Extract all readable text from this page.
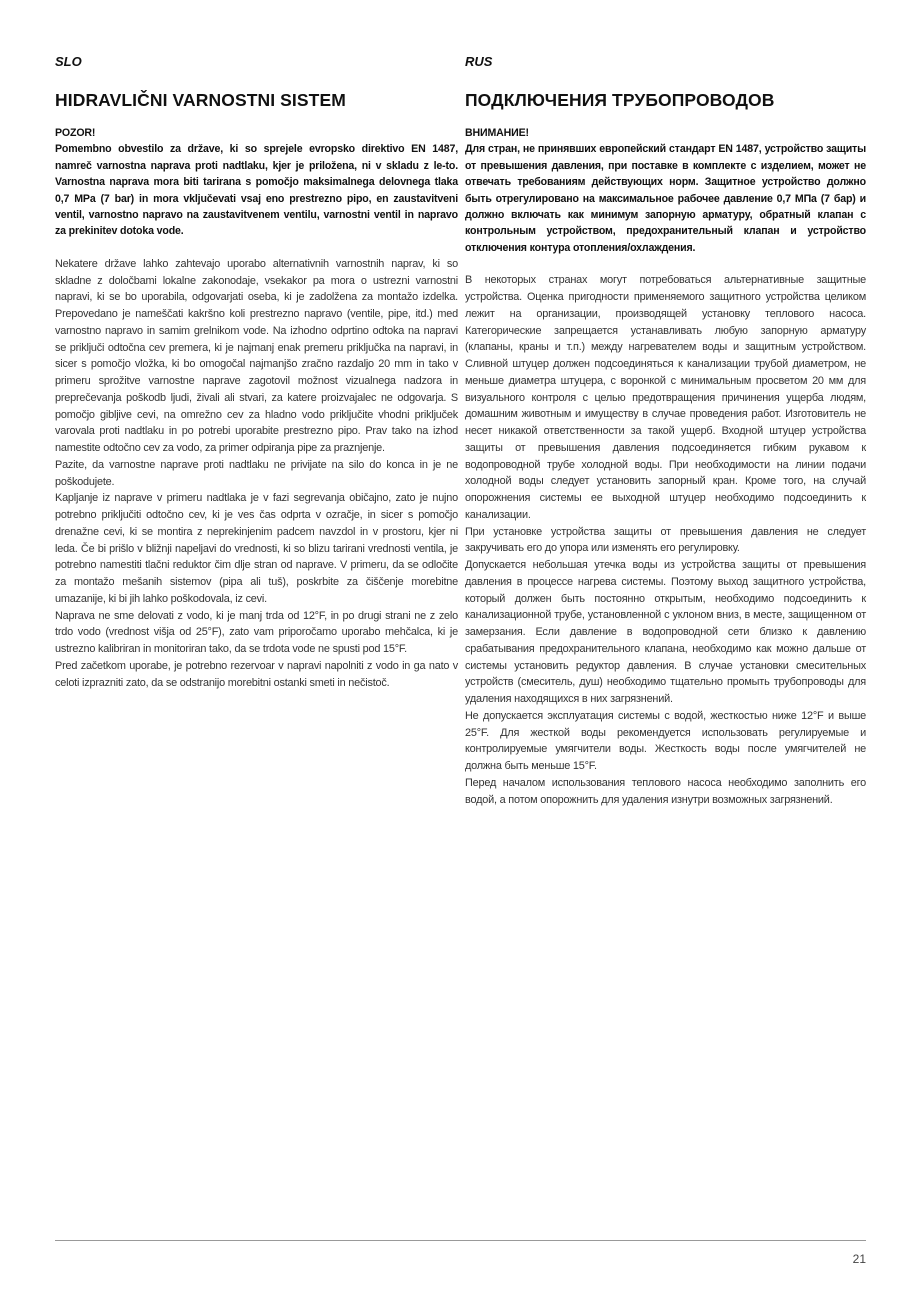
SLO
HIDRAVLIČNI VARNOSTNI SISTEM

POZOR!

Pomembno obvestilo za države, ki so sprejele evropsko direktivo EN 1487, namreč varnostna naprava proti nadtlaku, kjer je priložena, ni v skladu z le-to. Varnostna naprava mora biti tarirana s pomočjo maksimalnega delovnega tlaka 0,7 MPa (7 bar) in mora vključevati vsaj eno prestrezno pipo, en zaustavitveni ventil, varnostno napravo na zaustavitvenem ventilu, varnostni ventil in napravo za prekinitev dotoka vode.

Nekatere države lahko zahtevajo uporabo alternativnih varnostnih naprav, ki so skladne z določbami lokalne zakonodaje, vsekakor pa mora o ustrezni varnostni napravi, ki se bo uporabila, odgovarjati oseba, ki je zadolžena za montažo izdelka. Prepovedano je nameščati kakršno koli prestrezno napravo (ventile, pipe, itd.) med varnostno napravo in samim grelnikom vode. Na izhodno odprtino odtoka na napravi se priključi odtočna cev premera, ki je najmanj enak premeru priključka na napravi, in sicer s pomočjo vložka, ki bo omogočal najmanjšo zračno razdaljo 20 mm in tako v primeru sprožitve varnostne naprave zagotovil možnost vizualnega nadzora in preprečevanja poškodb ljudi, živali ali stvari, za katere proizvajalec ne odgovarja. S pomočjo gibljive cevi, na omrežno cev za hladno vodo priključite vhodni priključek varovala proti nadtlaku in po potrebi uporabite prestrezno pipo. Prav tako na izhod namestite odtočno cev za vodo, za primer odpiranja pipe za praznjenje.

Pazite, da varnostne naprave proti nadtlaku ne privijate na silo do konca in je ne poškodujete.

Kapljanje iz naprave v primeru nadtlaka je v fazi segrevanja običajno, zato je nujno potrebno priključiti odtočno cev, ki je ves čas odprta v ozračje, in sicer s pomočjo drenažne cevi, ki se montira z neprekinjenim padcem navzdol in v prostoru, kjer ni leda. Če bi prišlo v bližnji napeljavi do vrednosti, ki so blizu tarirani vrednosti ventila, je potrebno namestiti tlačni reduktor čim dlje stran od naprave. V primeru, da se odločite za montažo mešanih sistemov (pipa ali tuš), poskrbite za čiščenje morebitne umazanije, ki bi jih lahko poškodovala, iz cevi.

Naprava ne sme delovati z vodo, ki je manj trda od 12°F, in po drugi strani ne z zelo trdo vodo (vrednost višja od 25°F), zato vam priporočamo uporabo mehčalca, ki je ustrezno kalibriran in monitoriran tako, da se trdota vode ne spusti pod 15°F.

Pred začetkom uporabe, je potrebno rezervoar v napravi napolniti z vodo in ga nato v celoti izprazniti zato, da se odstranijo morebitni ostanki smeti in nečistoč.

RUS
ПОДКЛЮЧЕНИЯ ТРУБОПРОВОДОВ

ВНИМАНИЕ!

Для стран, не принявших европейский стандарт EN 1487, устройство защиты от превышения давления, при поставке в комплекте с изделием, может не отвечать требованиям действующих норм. Защитное устройство должно быть отрегулировано на максимальное рабочее давление 0,7 МПа (7 бар) и должно включать как минимум запорную арматуру, обратный клапан с контрольным устройством, предохранительный клапан и устройство отключения контура отопления/охлаждения.

В некоторых странах могут потребоваться альтернативные защитные устройства. Оценка пригодности применяемого защитного устройства целиком лежит на организации, производящей установку теплового насоса. Категорические запрещается устанавливать любую запорную арматуру (клапаны, краны и т.п.) между нагревателем воды и защитным устройством. Сливной штуцер должен подсоединяться к канализации трубой диаметром, не меньше диаметра штуцера, с воронкой с минимальным просветом 20 мм для визуального контроля с целью предотвращения причинения ущерба людям, домашним животным и имуществу в случае проведения работ. Изготовитель не несет никакой ответственности за такой ущерб. Входной штуцер устройства защиты от превышения давления подсоединяется гибким рукавом к водопроводной трубе холодной воды. При необходимости на линии подачи холодной воды следует установить запорный кран. Кроме того, на случай опорожнения системы ее выходной штуцер необходимо подсоединить к канализации.

При установке устройства защиты от превышения давления не следует закручивать его до упора или изменять его регулировку.

Допускается небольшая утечка воды из устройства защиты от превышения давления в процессе нагрева системы. Поэтому выход защитного устройства, который должен быть постоянно открытым, необходимо подсоединить к канализационной трубе, установленной с уклоном вниз, в месте, защищенном от замерзания. Если давление в водопроводной сети близко к давлению срабатывания предохранительного клапана, необходимо как можно дальше от системы установить редуктор давления. В случае установки смесительных устройств (смеситель, душ) необходимо тщательно промыть трубопроводы для удаления находящихся в них загрязнений.

Не допускается эксплуатация системы с водой, жесткостью ниже 12°F и выше 25°F. Для жесткой воды рекомендуется использовать регулируемые и контролируемые умягчители воды. Жесткость воды после умягчителей не должна быть меньше 15°F.

Перед началом использования теплового насоса необходимо заполнить его водой, а потом опорожнить для удаления изнутри возможных загрязнений.

21
